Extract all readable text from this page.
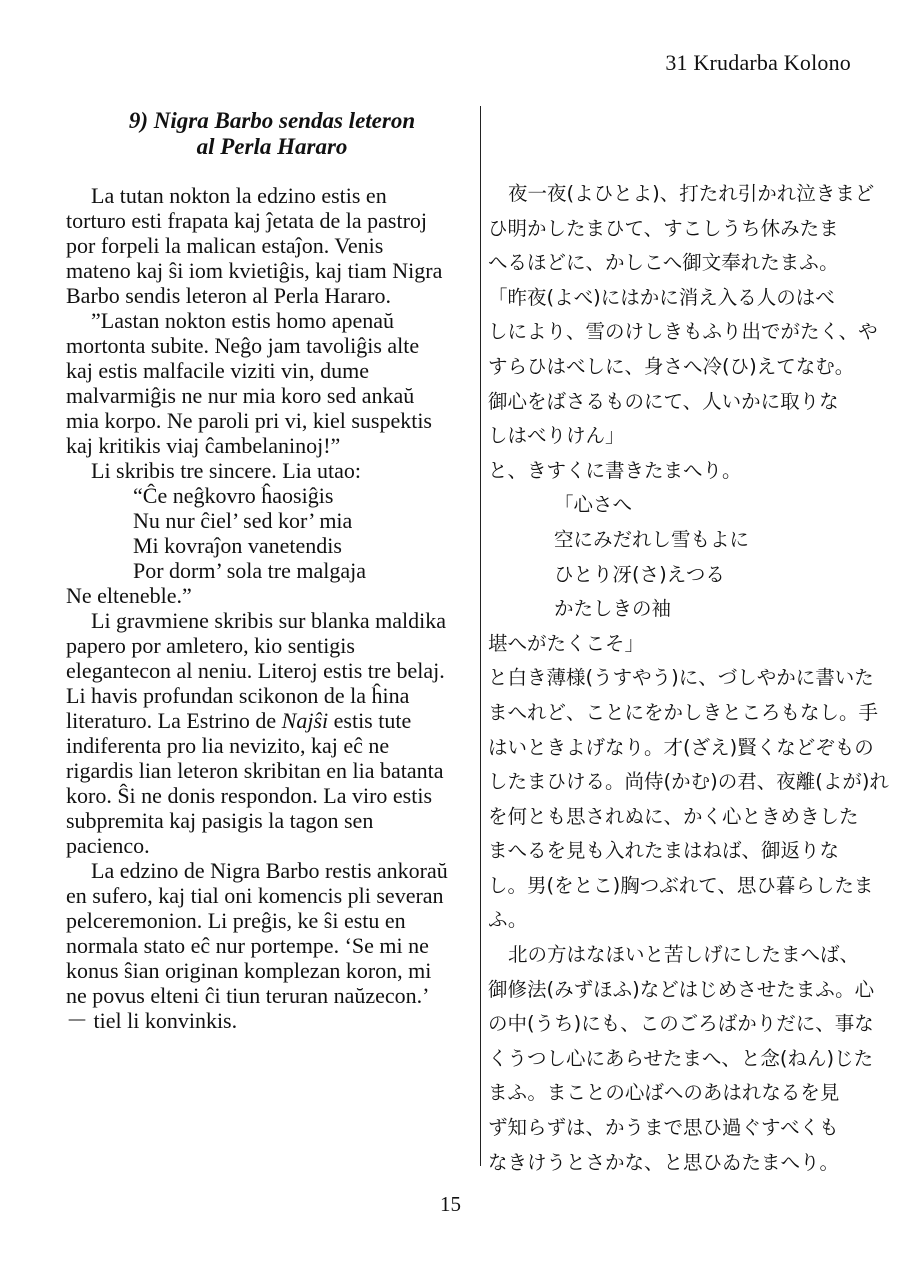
31 Krudarba Kolono
9) Nigra Barbo sendas leteron
al Perla Hararo
La tutan nokton la edzino estis en
torturo esti frapata kaj ĵetata de la pastroj
por forpeli la malican estaĵon. Venis
mateno kaj ŝi iom kvietiĝis, kaj tiam Nigra
Barbo sendis leteron al Perla Hararo.
”Lastan nokton estis homo apenaŭ
mortonta subite. Neĝo jam tavoliĝis alte
kaj estis malfacile viziti vin, dume
malvarmiĝis ne nur mia koro sed ankaŭ
mia korpo. Ne paroli pri vi, kiel suspektis
kaj kritikis viaj ĉambelaninoj!”
Li skribis tre sincere. Lia utao:
“Ĉe neĝkovro ĥaosiĝis
Nu nur ĉiel’ sed kor’ mia
Mi kovraĵon vanetendis
Por dorm’ sola tre malgaja
Ne elteneble.”
Li gravmiene skribis sur blanka maldika
papero por amletero, kio sentigis
elegantecon al neniu. Literoj estis tre belaj.
Li havis profundan scikonon de la ĥina
literaturo. La Estrino de Najŝi estis tute
indiferenta pro lia nevizito, kaj eĉ ne
rigardis lian leteron skribitan en lia batanta
koro. Ŝi ne donis respondon. La viro estis
subpremita kaj pasigis la tagon sen
pacienco.
La edzino de Nigra Barbo restis ankoraŭ
en sufero, kaj tial oni komencis pli severan
pelceremonion. Li preĝis, ke ŝi estu en
normala stato eĉ nur portempe. ‘Se mi ne
konus ŝian originan komplezan koron, mi
ne povus elteni ĉi tiun teruran naŭzecon.’
－ tiel li konvinkis.
夜一夜(よひとよ)、打たれ引かれ泣きまど
ひ明かしたまひて、すこしうち休みたま
へるほどに、かしこへ御文奉れたまふ。
「昨夜(よべ)にはかに消え入る人のはべ
しにより、雪のけしきもふり出でがたく、や
すらひはべしに、身さへ冷(ひ)えてなむ。
御心をばさるものにて、人いかに取りな
しはべりけん」
と、きすくに書きたまへり。
「心さへ
空にみだれし雪もよに
ひとり冴(さ)えつる
かたしきの袖
堪へがたくこそ」
と白き薄様(うすやう)に、づしやかに書いた
まへれど、ことにをかしきところもなし。手
はいときよげなり。才(ざえ)賢くなどぞもの
したまひける。尚侍(かむ)の君、夜離(よが)れ
を何とも思されぬに、かく心ときめきした
まへるを見も入れたまはねば、御返りな
し。男(をとこ)胸つぶれて、思ひ暮らしたま
ふ。
北の方はなほいと苦しげにしたまへば、
御修法(みずほふ)などはじめさせたまふ。心
の中(うち)にも、このごろばかりだに、事な
くうつし心にあらせたまへ、と念(ねん)じた
まふ。まことの心ばへのあはれなるを見
ず知らずは、かうまで思ひ過ぐすべくも
なきけうとさかな、と思ひゐたまへり。
15
